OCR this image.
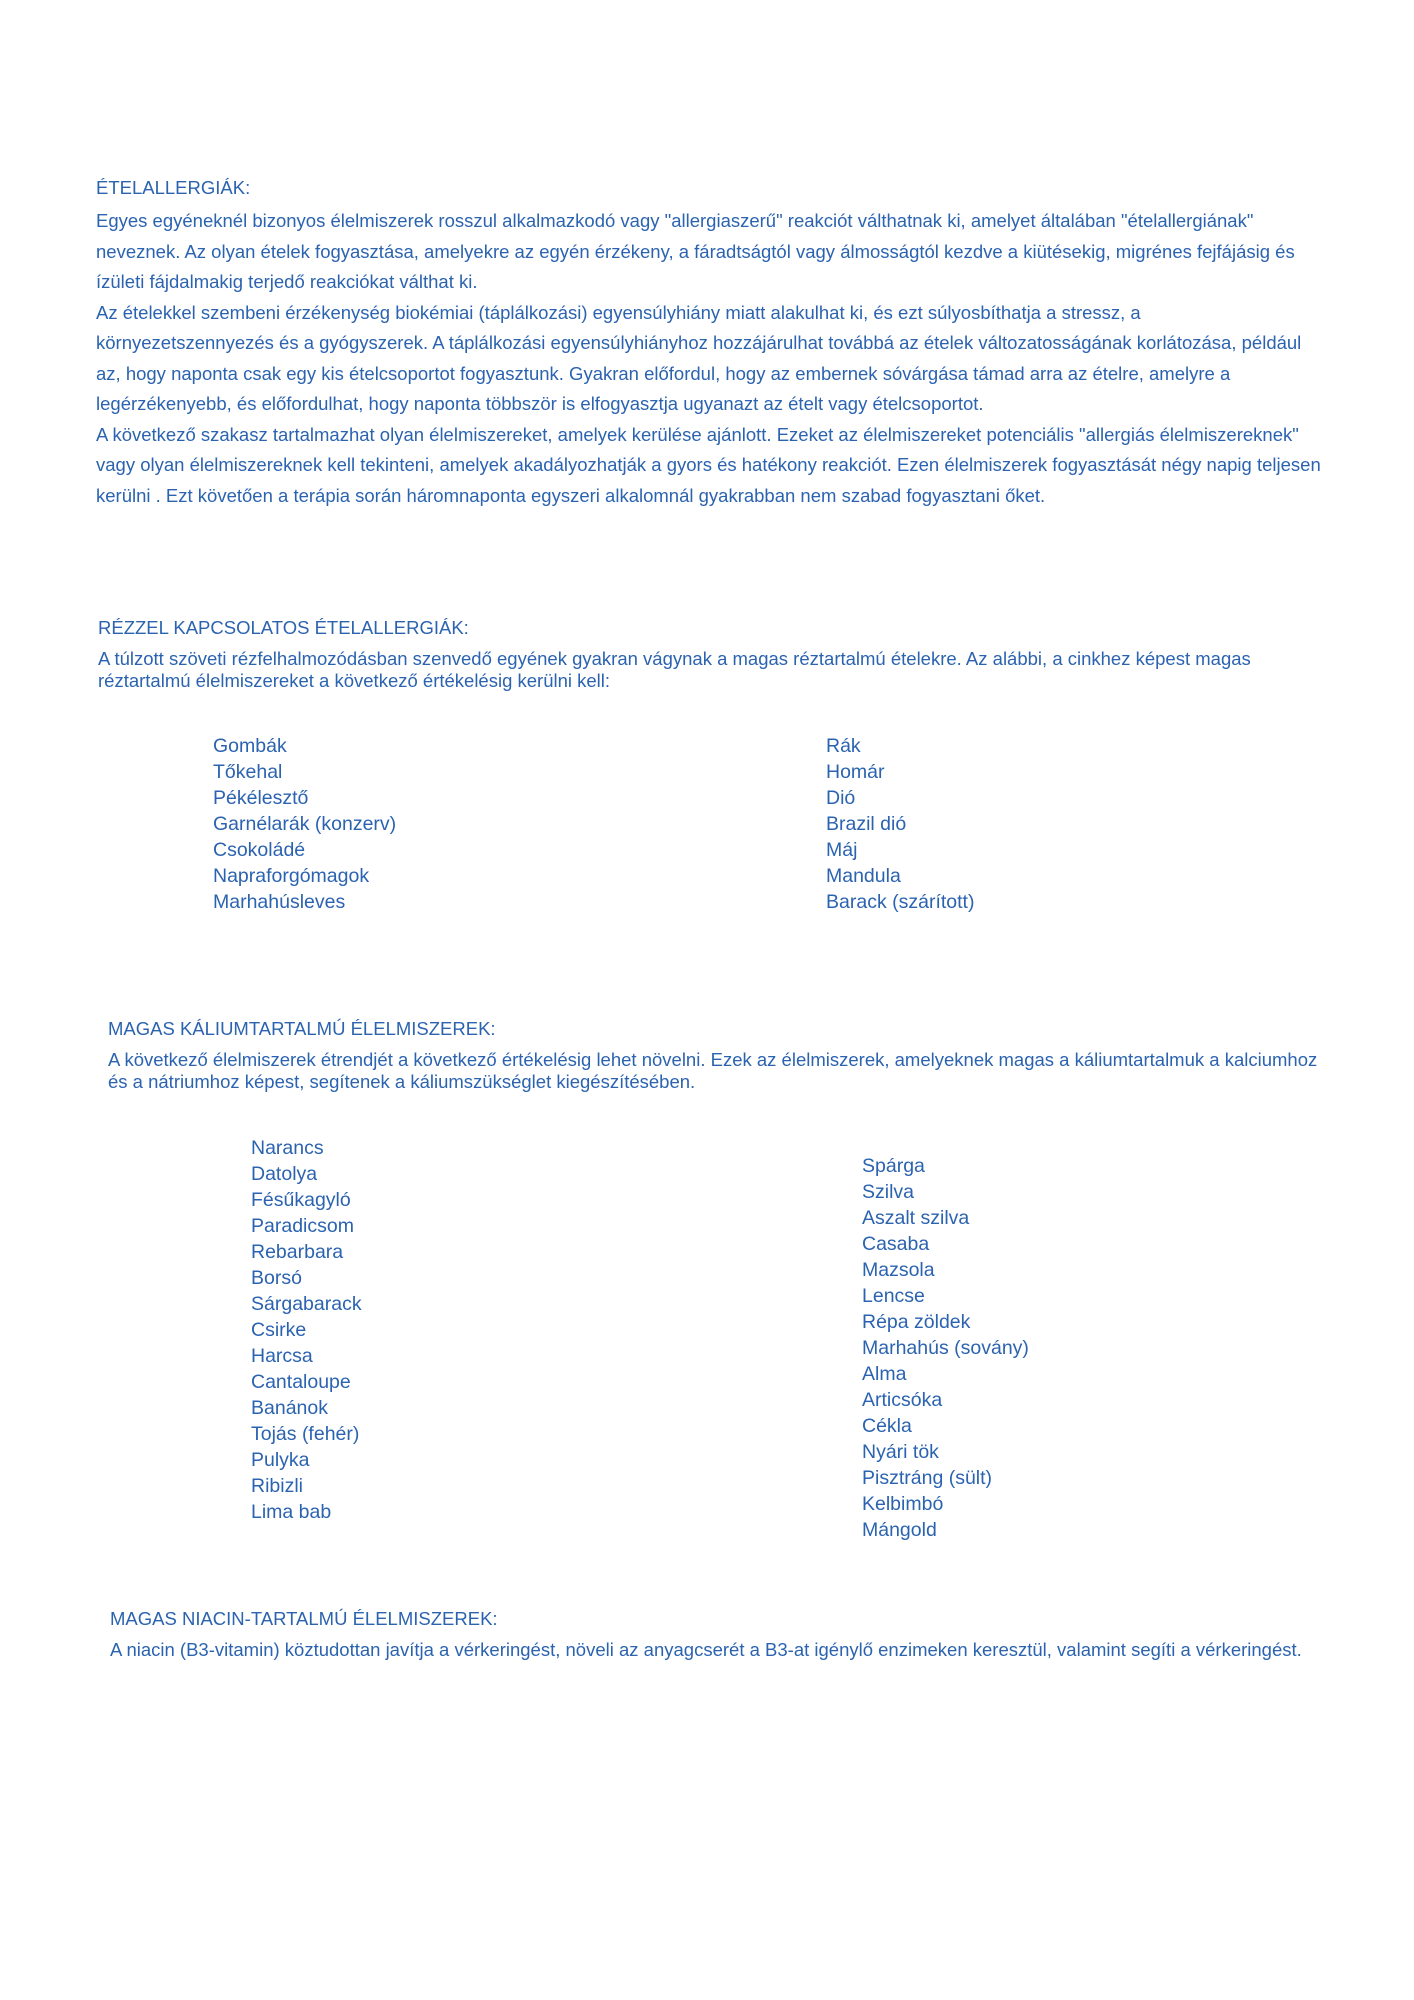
ÉTELALLERGIÁK:

Egyes egyéneknél bizonyos élelmiszerek rosszul alkalmazkodó vagy "allergiaszerű" reakciót válthatnak ki, amelyet általában "ételallergiának" neveznek. Az olyan ételek fogyasztása, amelyekre az egyén érzékeny, a fáradtságtól vagy álmosságtól kezdve a kiütésekig, migrénes fejfájásig és ízületi fájdalmakig terjedő reakciókat válthat ki.

Az ételekkel szembeni érzékenység biokémiai (táplálkozási) egyensúlyhiány miatt alakulhat ki, és ezt súlyosbíthatja a stressz, a környezetszennyezés és a gyógyszerek. A táplálkozási egyensúlyhiányhoz hozzájárulhat továbbá az ételek változatosságának korlátozása, például az, hogy naponta csak egy kis ételcsoportot fogyasztunk. Gyakran előfordul, hogy az embernek sóvárgása támad arra az ételre, amelyre a legérzékenyebb, és előfordulhat, hogy naponta többször is elfogyasztja ugyanazt az ételt vagy ételcsoportot.

A következő szakasz tartalmazhat olyan élelmiszereket, amelyek kerülése ajánlott. Ezeket az élelmiszereket potenciális "allergiás élelmiszereknek" vagy olyan élelmiszereknek kell tekinteni, amelyek akadályozhatják a gyors és hatékony reakciót. Ezen élelmiszerek fogyasztását négy napig teljesen kerülni . Ezt követően a terápia során háromnaponta egyszeri alkalomnál gyakrabban nem szabad fogyasztani őket.

RÉZZEL KAPCSOLATOS ÉTELALLERGIÁK:

A túlzott szöveti rézfelhalmozódásban szenvedő egyének gyakran vágynak a magas réztartalmú ételekre. Az alábbi, a cinkhez képest magas réztartalmú élelmiszereket a következő értékelésig kerülni kell:

Gombák
Tőkehal
Pékélesztő
Garnélarák (konzerv)
Csokoládé
Napraforgómagok
Marhahúsleves
Rák
Homár
Dió
Brazil dió
Máj
Mandula
Barack (szárított)
MAGAS KÁLIUMTARTALMÚ ÉLELMISZEREK:

A következő élelmiszerek étrendjét a következő értékelésig lehet növelni. Ezek az élelmiszerek, amelyeknek magas a káliumtartalmuk a kalciumhoz és a nátriumhoz képest, segítenek a káliumszükséglet kiegészítésében.

Narancs
Datolya
Fésűkagyló
Paradicsom
Rebarbara
Borsó
Sárgabarack
Csirke
Harcsa
Cantaloupe
Banánok
Tojás (fehér)
Pulyka
Ribizli
Lima bab
Spárga
Szilva
Aszalt szilva
Casaba
Mazsola
Lencse
Répa zöldek
Marhahús (sovány)
Alma
Articsóka
Cékla
Nyári tök
Pisztráng (sült)
Kelbimbó
Mángold
MAGAS NIACIN-TARTALMÚ ÉLELMISZEREK:

A niacin (B3-vitamin) köztudottan javítja a vérkeringést, növeli az anyagcserét a B3-at igénylő enzimeken keresztül, valamint segíti a vérkeringést.
